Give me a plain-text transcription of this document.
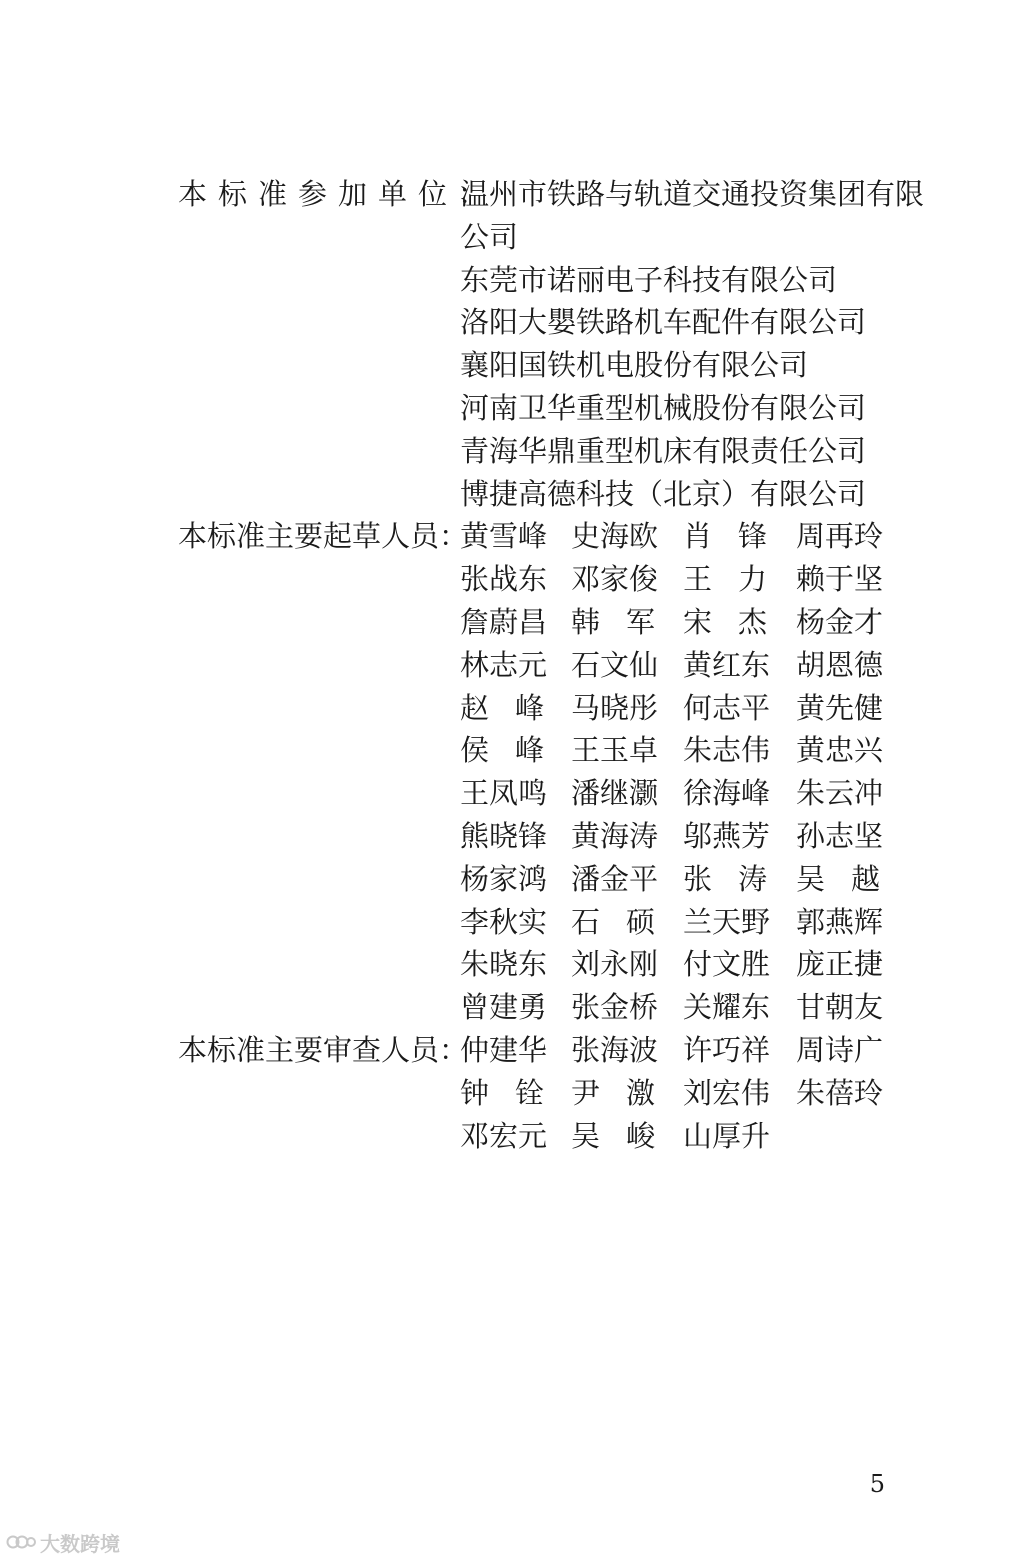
本标准参加单位：
温州市铁路与轨道交通投资集团有限
公司
东莞市诺丽电子科技有限公司
洛阳大嬰铁路机车配件有限公司
襄阳国铁机电股份有限公司
河南卫华重型机械股份有限公司
青海华鼎重型机床有限责任公司
博捷高德科技（北京）有限公司
本标准主要起草人员：
黄雪峰 史海欧 肖锋 周再玲
张战东 邓家俊 王力 赖于坚
詹蔚昌 韩军 宋杰 杨金才
林志元 石文仙 黄红东 胡恩德
赵峰 马晓彤 何志平 黄先健
侯峰 王玉卓 朱志伟 黄忠兴
王凤鸣 潘继灏 徐海峰 朱云冲
熊晓锋 黄海涛 邬燕芳 孙志坚
杨家鸿 潘金平 张涛 吴越
李秋实 石硕 兰天野 郭燕辉
朱晓东 刘永刚 付文胜 庞正捷
曾建勇 张金桥 关耀东 甘朝友
本标准主要审查人员：
仲建华 张海波 许巧祥 周诗广
钟铨 尹激 刘宏伟 朱蓓玲
邓宏元 吴峻 山厚升
5
大数跨境
